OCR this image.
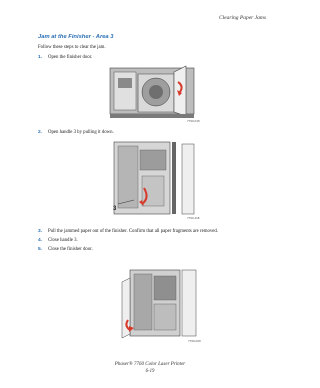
Clearing Paper Jams
Jam at the Finisher - Area 3
Follow these steps to clear the jam.
1. Open the finisher door.
7760-015
2. Open handle 3 by pulling it down.
3
7760-118
3. Pull the jammed paper out of the finisher. Confirm that all paper fragments are removed.
4. Close handle 3.
5. Close the finisher door.
7760-029
Phaser® 7760 Color Laser Printer
6-19
